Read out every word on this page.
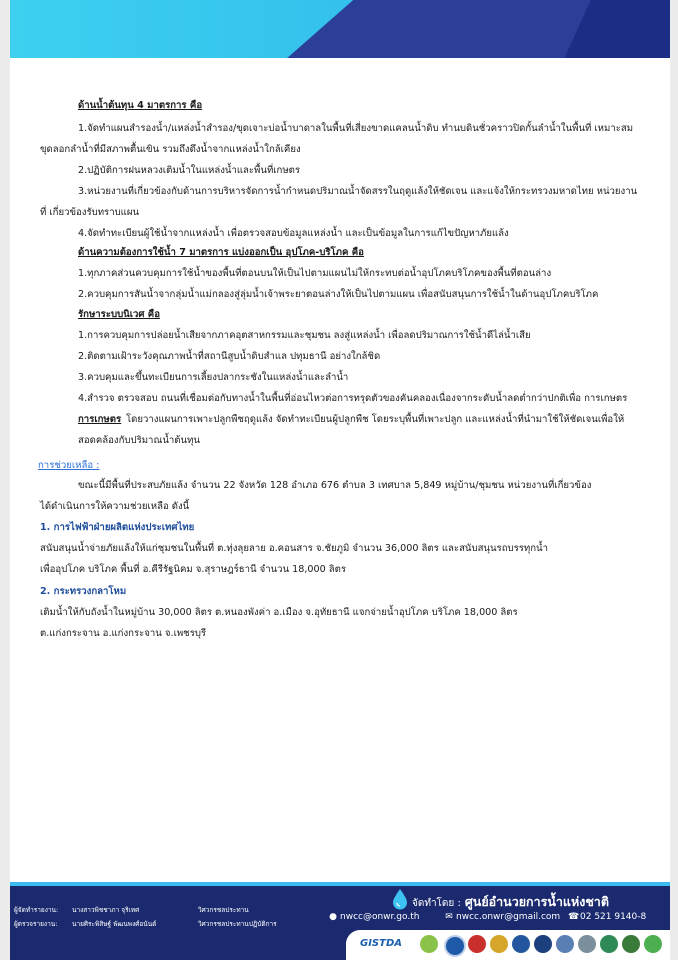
ด้านน้ำต้นทุน 4 มาตรการ คือ
1.จัดทำแผนสำรองน้ำ/แหล่งน้ำสำรอง/ขุดเจาะบ่อน้ำบาดาลในพื้นที่เสี่ยงขาดแคลนน้ำดิบ ทำนบดินชั่วคราวปิดกั้นลำน้ำในพื้นที่ เหมาะสม
ขุดลอกลำน้ำที่มีสภาพตื้นเขิน รวมถึงดึงน้ำจากแหล่งน้ำใกล้เคียง
2.ปฏิบัติการฝนหลวงเติมน้ำในแหล่งน้ำและพื้นที่เกษตร
3.หน่วยงานที่เกี่ยวข้องกับด้านการบริหารจัดการน้ำกำหนดปริมาณน้ำจัดสรรในฤดูแล้งให้ชัดเจน และแจ้งให้กระทรวงมหาดไทย หน่วยงาน
ที่ เกี่ยวข้องรับทราบแผน
4.จัดทำทะเบียนผู้ใช้น้ำจากแหล่งน้ำ เพื่อตรวจสอบข้อมูลแหล่งน้ำ และเป็นข้อมูลในการแก้ไขปัญหาภัยแล้ง
ด้านความต้องการใช้น้ำ 7 มาตรการ แบ่งออกเป็น อุปโภค-บริโภค คือ
1.ทุกภาคส่วนควบคุมการใช้น้ำของพื้นที่ตอนบนให้เป็นไปตามแผนไม่ให้กระทบต่อน้ำอุปโภคบริโภคของพื้นที่ตอนล่าง
2.ควบคุมการสันน้ำจากลุ่มน้ำแม่กลองสู่ลุ่มน้ำเจ้าพระยาตอนล่างให้เป็นไปตามแผน เพื่อสนับสนุนการใช้น้ำในด้านอุปโภคบริโภค
รักษาระบบนิเวศ คือ
1.การควบคุมการปล่อยน้ำเสียจากภาคอุตสาหกรรมและชุมชน ลงสู่แหล่งน้ำ เพื่อลดปริมาณการใช้น้ำดีไล่น้ำเสีย
2.ติดตามเฝ้าระวังคุณภาพน้ำที่สถานีสูบน้ำดิบสำแล ปทุมธานี อย่างใกล้ชิด
3.ควบคุมและขึ้นทะเบียนการเลี้ยงปลากระชังในแหล่งน้ำและลำน้ำ
4.สำรวจ ตรวจสอบ ถนนที่เชื่อมต่อกับทางน้ำในพื้นที่อ่อนไหวต่อการทรุดตัวของคันคลองเนื่องจากระดับน้ำลดต่ำกว่าปกติเพื่อ การเกษตร
การเกษตร โดยวางแผนการเพาะปลูกพืชฤดูแล้ง จัดทำทะเบียนผู้ปลูกพืช โดยระบุพื้นที่เพาะปลูก และแหล่งน้ำที่นำมาใช้ให้ชัดเจนเพื่อให้
สอดคล้องกับปริมาณน้ำต้นทุน
การช่วยเหลือ :
ขณะนี้มีพื้นที่ประสบภัยแล้ง จำนวน 22 จังหวัด 128 อำเภอ 676 ตำบล 3 เทศบาล 5,849 หมู่บ้าน/ชุมชน หน่วยงานที่เกี่ยวข้อง
ได้ดำเนินการให้ความช่วยเหลือ ดังนี้
1. การไฟฟ้าฝ่ายผลิตแห่งประเทศไทย
สนับสนุนน้ำจ่ายภัยแล้งให้แก่ชุมชนในพื้นที่ ต.ทุ่งลุยลาย อ.คอนสาร จ.ชัยภูมิ จำนวน 36,000 ลิตร และสนับสนุนรถบรรทุกน้ำ
เพื่ออุปโภค บริโภค พื้นที่ อ.คีรีรัฐนิคม จ.สุราษฎร์ธานี จำนวน 18,000 ลิตร
2. กระทรวงกลาโหม
เติมน้ำให้กับถังน้ำในหมู่บ้าน 30,000 ลิตร ต.หนองพังค่า อ.เมือง จ.อุทัยธานี แจกจ่ายน้ำอุปโภค บริโภค 18,000 ลิตร
ต.แก่งกระจาน อ.แก่งกระจาน จ.เพชรบุรี
ผู้จัดทำรายงาน: นางสาวพิชชาภา จุริเทศ	วิศวกรชลประทาน
ผู้ตรวจรายงาน: นายศิระพิสิษฐ์ พัฒนพงศ์อนันต์	วิศวกรชลประทานปฏิบัติการ
จัดทำโดย : ศูนย์อำนวยการน้ำแห่งชาติ
● nwcc@onwr.go.th	✉ nwcc.onwr@gmail.com ☎02 521 9140-8
GISTDA
